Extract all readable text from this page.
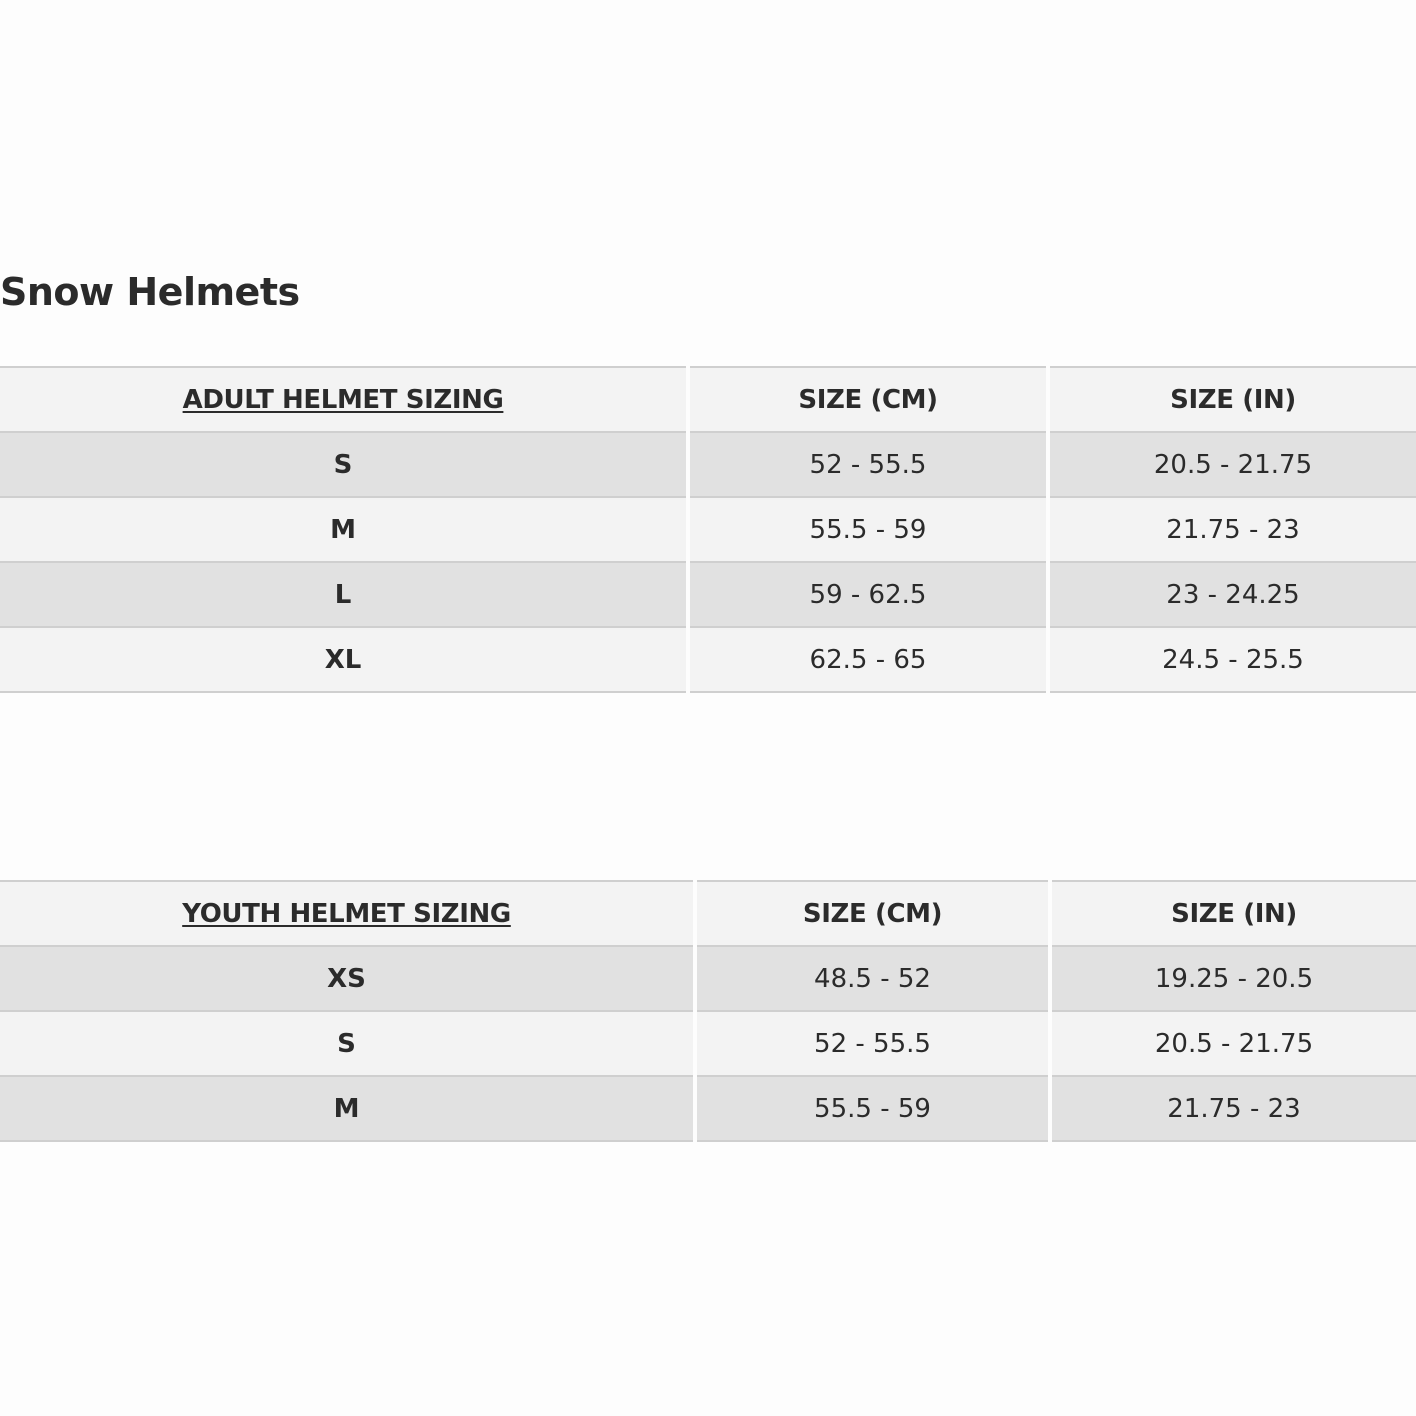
Snow Helmets
ADULT HELMET SIZING	SIZE (CM)	SIZE (IN)
S	52 - 55.5	20.5 - 21.75
M	55.5 - 59	21.75 - 23
L	59 - 62.5	23 - 24.25
XL	62.5 - 65	24.5 - 25.5
YOUTH HELMET SIZING	SIZE (CM)	SIZE (IN)
XS	48.5 - 52	19.25 - 20.5
S	52 - 55.5	20.5 - 21.75
M	55.5 - 59	21.75 - 23
